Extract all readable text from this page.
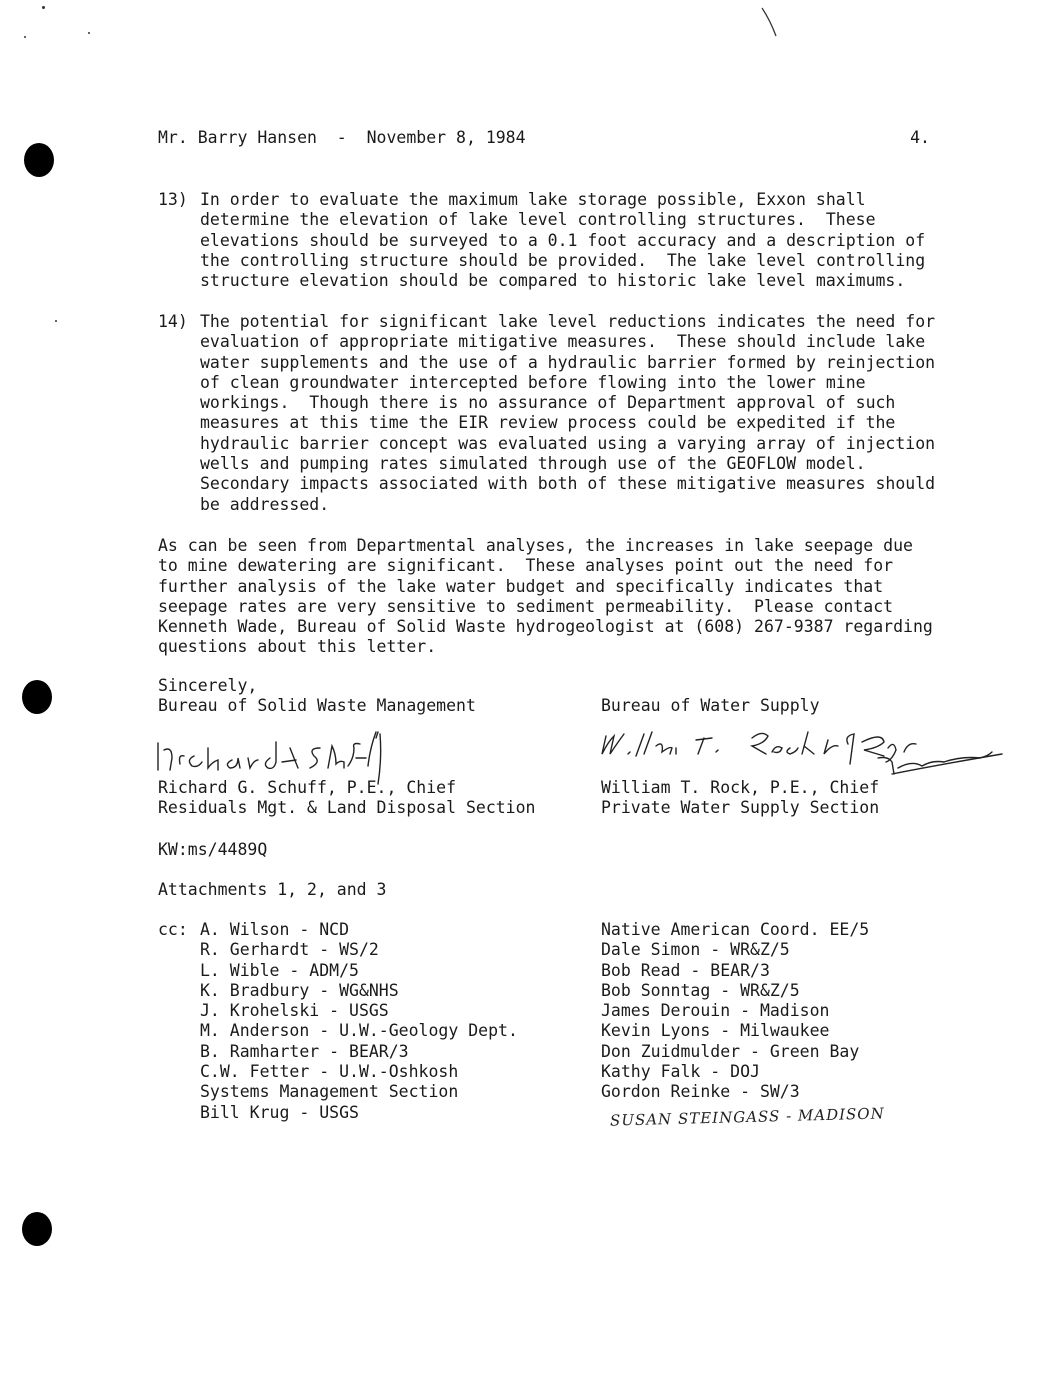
Mr. Barry Hansen  -  November 8, 1984	4.
13) In order to evaluate the maximum lake storage possible, Exxon shall
determine the elevation of lake level controlling structures.  These
elevations should be surveyed to a 0.1 foot accuracy and a description of
the controlling structure should be provided.  The lake level controlling
structure elevation should be compared to historic lake level maximums.
14) The potential for significant lake level reductions indicates the need for
evaluation of appropriate mitigative measures.  These should include lake
water supplements and the use of a hydraulic barrier formed by reinjection
of clean groundwater intercepted before flowing into the lower mine
workings.  Though there is no assurance of Department approval of such
measures at this time the EIR review process could be expedited if the
hydraulic barrier concept was evaluated using a varying array of injection
wells and pumping rates simulated through use of the GEOFLOW model.
Secondary impacts associated with both of these mitigative measures should
be addressed.
As can be seen from Departmental analyses, the increases in lake seepage due
to mine dewatering are significant.  These analyses point out the need for
further analysis of the lake water budget and specifically indicates that
seepage rates are very sensitive to sediment permeability.  Please contact
Kenneth Wade, Bureau of Solid Waste hydrogeologist at (608) 267-9387 regarding
questions about this letter.
Sincerely,
Bureau of Solid Waste Management	Bureau of Water Supply
Richard G. Schuff, P.E., Chief
Residuals Mgt. & Land Disposal Section
William T. Rock, P.E., Chief
Private Water Supply Section
KW:ms/4489Q
Attachments 1, 2, and 3
cc: A. Wilson - NCD
R. Gerhardt - WS/2
L. Wible - ADM/5
K. Bradbury - WG&NHS
J. Krohelski - USGS
M. Anderson - U.W.-Geology Dept.
B. Ramharter - BEAR/3
C.W. Fetter - U.W.-Oshkosh
Systems Management Section
Bill Krug - USGS
Native American Coord. EE/5
Dale Simon - WR&Z/5
Bob Read - BEAR/3
Bob Sonntag - WR&Z/5
James Derouin - Madison
Kevin Lyons - Milwaukee
Don Zuidmulder - Green Bay
Kathy Falk - DOJ
Gordon Reinke - SW/3
SUSAN STEINGASS - MADISON
